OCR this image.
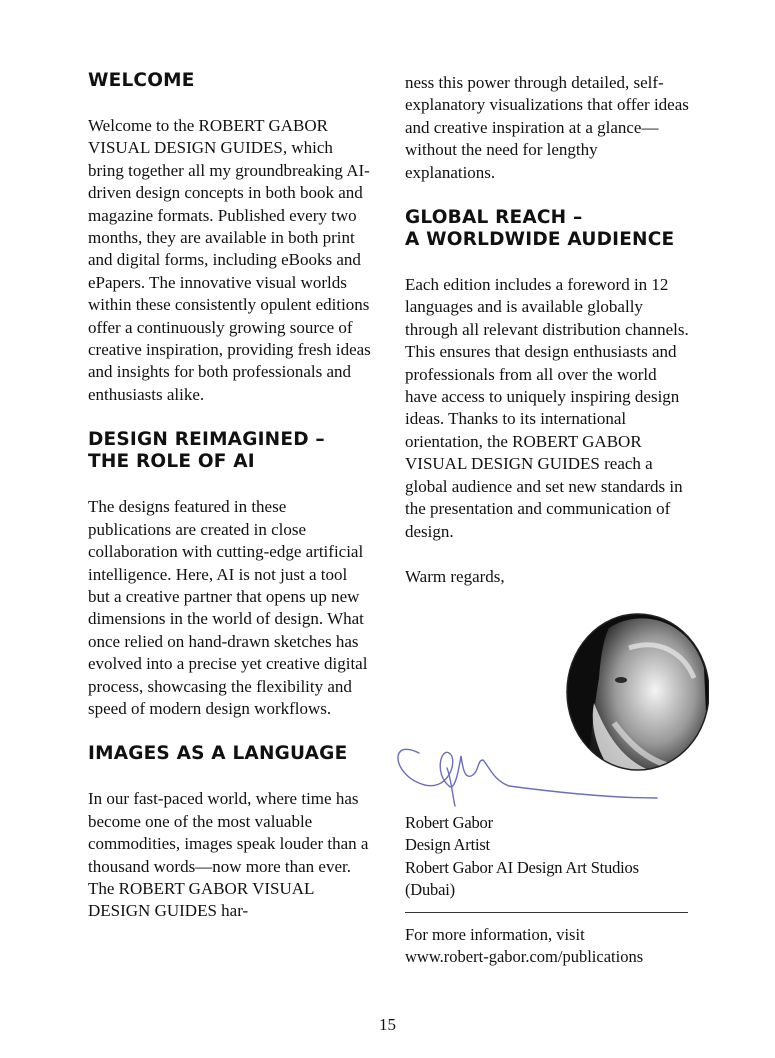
WELCOME

Welcome to the ROBERT GABOR VISUAL DESIGN GUIDES, which bring together all my groundbreaking AI-driven design concepts in both book and magazine formats. Published every two months, they are available in both print and digital forms, including eBooks and ePapers. The innovative visual worlds within these consistently opulent editions offer a continuously growing source of creative inspiration, providing fresh ideas and insights for both professionals and enthusiasts alike.

DESIGN REIMAGINED –
THE ROLE OF AI

The designs featured in these publications are created in close collaboration with cutting-edge artificial intelligence. Here, AI is not just a tool but a creative partner that opens up new dimensions in the world of design. What once relied on hand-drawn sketches has evolved into a precise yet creative digital process, showcasing the flexibility and speed of modern design workflows.

IMAGES AS A LANGUAGE

In our fast-paced world, where time has become one of the most valuable commodities, images speak louder than a thousand words—now more than ever. The ROBERT GABOR VISUAL DESIGN GUIDES har-

ness this power through detailed, self-explanatory visualizations that offer ideas and creative inspiration at a glance—without the need for lengthy explanations.

GLOBAL REACH –
A WORLDWIDE AUDIENCE

Each edition includes a foreword in 12 languages and is available globally through all relevant distribution channels. This ensures that design enthusiasts and professionals from all over the world have access to uniquely inspiring design ideas. Thanks to its international orientation, the ROBERT GABOR VISUAL DESIGN GUIDES reach a global audience and set new standards in the presentation and communication of design.

Warm regards,

Robert Gabor
Design Artist
Robert Gabor AI Design Art Studios
(Dubai)
For more information, visit
www.robert-gabor.com/publications
15
